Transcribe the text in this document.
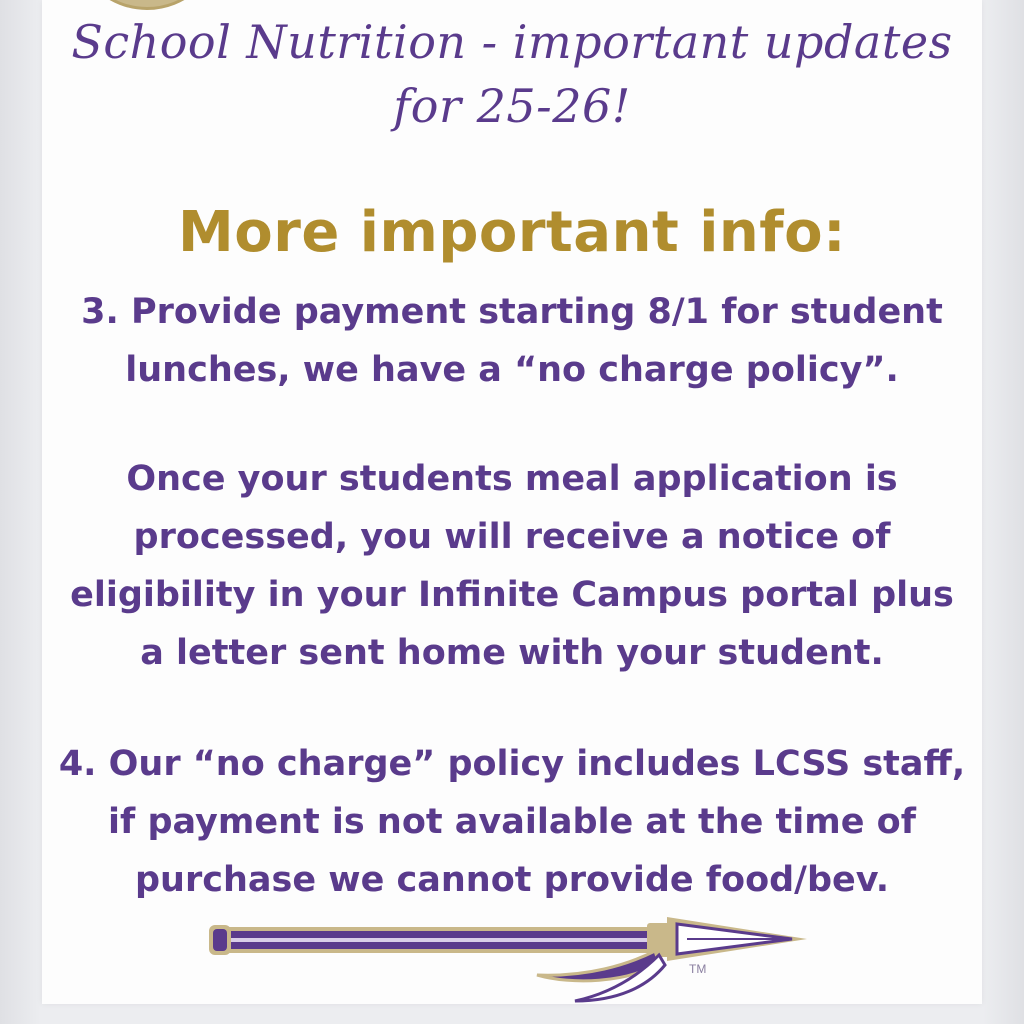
School Nutrition - important updates
for 25-26!
More important info:
3. Provide payment starting 8/1 for student
lunches, we have a “no charge policy”.
Once your students meal application is
processed, you will receive a notice of
eligibility in your Infinite Campus portal plus
a letter sent home with your student.
4. Our “no charge” policy includes LCSS staff,
if payment is not available at the time of
purchase we cannot provide food/bev.
TM
